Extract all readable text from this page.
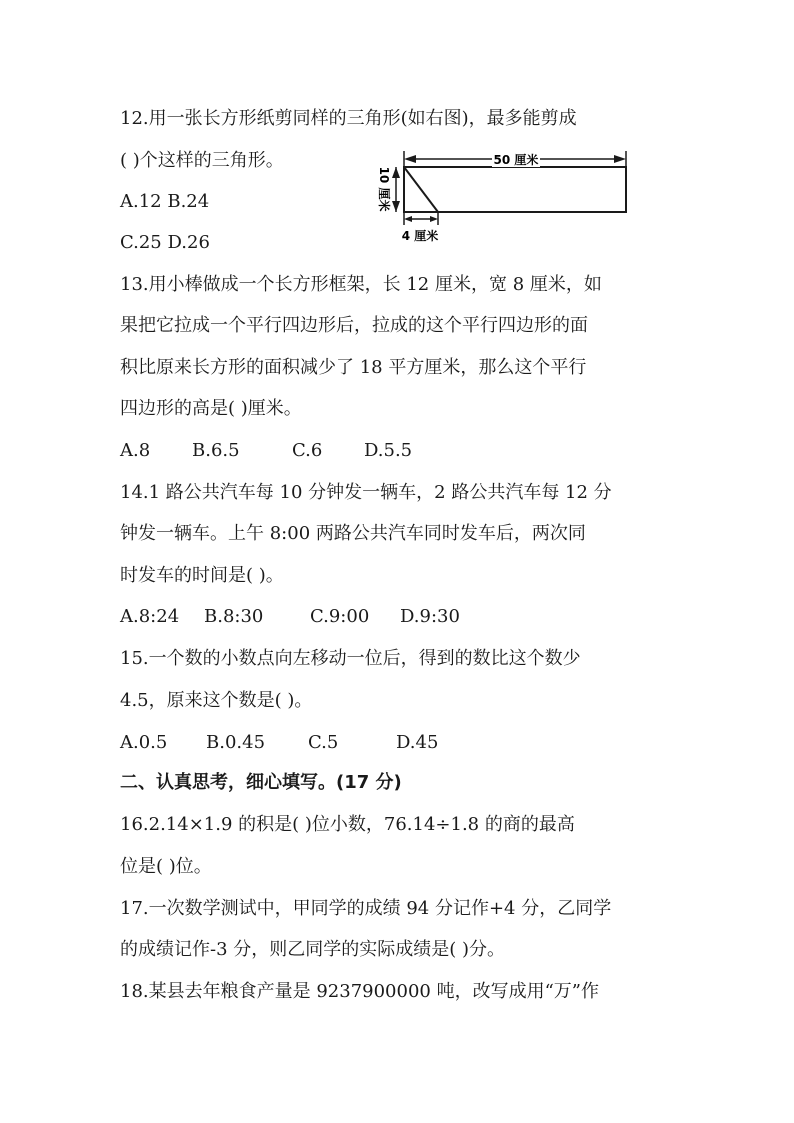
12.用一张长方形纸剪同样的三角形(如右图)，最多能剪成
( )个这样的三角形。
A.12 B.24
C.25 D.26
50 厘米
10 厘米
4 厘米
13.用小棒做成一个长方形框架，长 12 厘米，宽 8 厘米，如
果把它拉成一个平行四边形后，拉成的这个平行四边形的面
积比原来长方形的面积减少了 18 平方厘米，那么这个平行
四边形的高是( )厘米。
A.8 B.6.5	C.6 D.5.5
14.1 路公共汽车每 10 分钟发一辆车，2 路公共汽车每 12 分
钟发一辆车。上午 8:00 两路公共汽车同时发车后，两次同
时发车的时间是( )。
A.8:24 B.8:30	C.9:00 D.9:30
15.一个数的小数点向左移动一位后，得到的数比这个数少
4.5，原来这个数是( )。
A.0.5 B.0.45 C.5	D.45
二、认真思考，细心填写。(17 分)
16.2.14×1.9 的积是( )位小数，76.14÷1.8 的商的最高
位是( )位。
17.一次数学测试中，甲同学的成绩 94 分记作+4 分，乙同学
的成绩记作-3 分，则乙同学的实际成绩是( )分。
18.某县去年粮食产量是 9237900000 吨，改写成用“万”作
